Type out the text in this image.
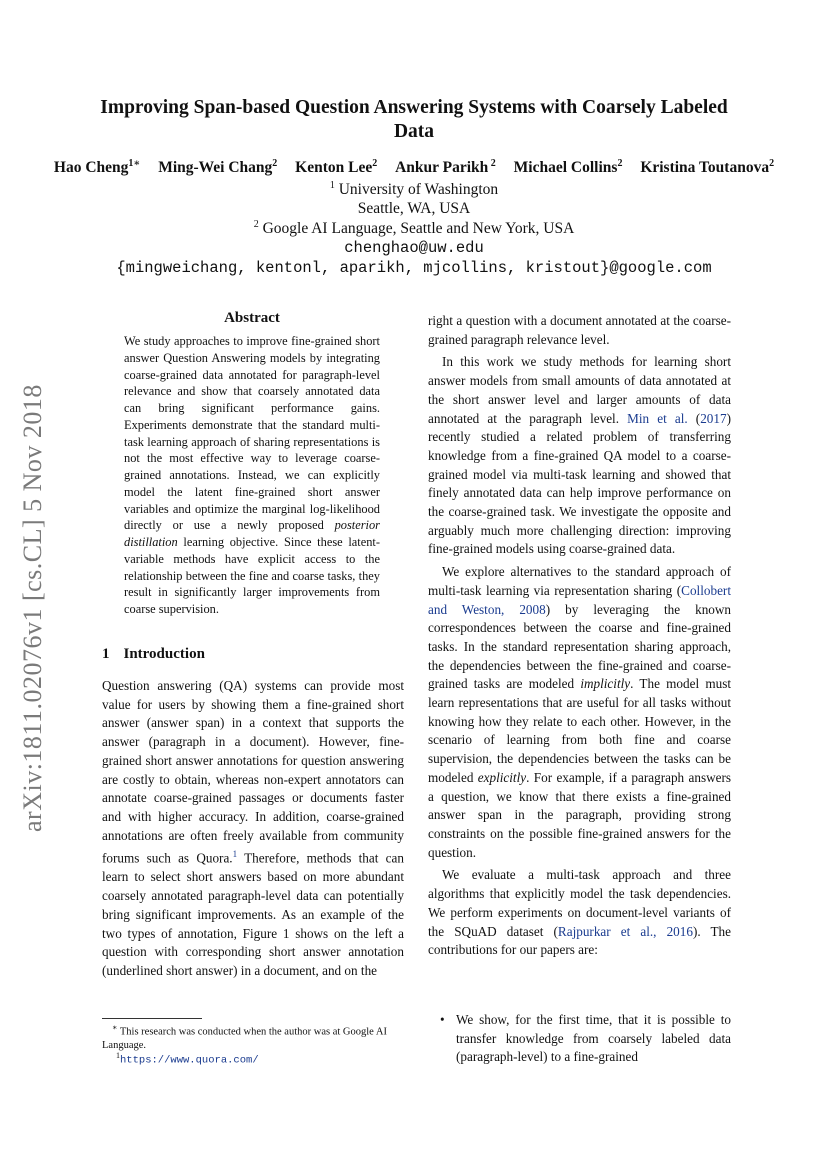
Improving Span-based Question Answering Systems with Coarsely Labeled Data
Hao Cheng$^{1∗}$ Ming-Wei Chang$^2$ Kenton Lee$^2$ Ankur Parikh $^2$ Michael Collins$^2$ Kristina Toutanova$^2$
$^1$ University of Washington
Seattle, WA, USA
$^2$ Google AI Language, Seattle and New York, USA
chenghao@uw.edu
{mingweichang, kentonl, aparikh, mjcollins, kristout}@google.com
arXiv:1811.02076v1 [cs.CL] 5 Nov 2018
Abstract
We study approaches to improve fine-grained short answer Question Answering models by integrating coarse-grained data annotated for paragraph-level relevance and show that coarsely annotated data can bring significant performance gains. Experiments demonstrate that the standard multi-task learning approach of sharing representations is not the most effective way to leverage coarse-grained annotations. Instead, we can explicitly model the latent fine-grained short answer variables and optimize the marginal log-likelihood directly or use a newly proposed posterior distillation learning objective. Since these latent-variable methods have explicit access to the relationship between the fine and coarse tasks, they result in significantly larger improvements from coarse supervision.
1 Introduction

Question answering (QA) systems can provide most value for users by showing them a fine-grained short answer (answer span) in a context that supports the answer (paragraph in a document). However, fine-grained short answer annotations for question answering are costly to obtain, whereas non-expert annotators can annotate coarse-grained passages or documents faster and with higher accuracy. In addition, coarse-grained annotations are often freely available from community forums such as Quora.$^1$ Therefore, methods that can learn to select short answers based on more abundant coarsely annotated paragraph-level data can potentially bring significant improvements. As an example of the two types of annotation, Figure 1 shows on the left a question with corresponding short answer annotation (underlined short answer) in a document, and on the

right a question with a document annotated at the coarse-grained paragraph relevance level.

In this work we study methods for learning short answer models from small amounts of data annotated at the short answer level and larger amounts of data annotated at the paragraph level. Min et al. (2017) recently studied a related problem of transferring knowledge from a fine-grained QA model to a coarse-grained model via multi-task learning and showed that finely annotated data can help improve performance on the coarse-grained task. We investigate the opposite and arguably much more challenging direction: improving fine-grained models using coarse-grained data.

We explore alternatives to the standard approach of multi-task learning via representation sharing (Collobert and Weston, 2008) by leveraging the known correspondences between the coarse and fine-grained tasks. In the standard representation sharing approach, the dependencies between the fine-grained and coarse-grained tasks are modeled implicitly. The model must learn representations that are useful for all tasks without knowing how they relate to each other. However, in the scenario of learning from both fine and coarse supervision, the dependencies between the tasks can be modeled explicitly. For example, if a paragraph answers a question, we know that there exists a fine-grained answer span in the paragraph, providing strong constraints on the possible fine-grained answers for the question.

We evaluate a multi-task approach and three algorithms that explicitly model the task dependencies. We perform experiments on document-level variants of the SQuAD dataset (Rajpurkar et al., 2016). The contributions for our papers are:

• We show, for the first time, that it is possible to transfer knowledge from coarsely labeled data (paragraph-level) to a fine-grained
∗ This research was conducted when the author was at Google AI Language.
$^1$https://www.quora.com/
